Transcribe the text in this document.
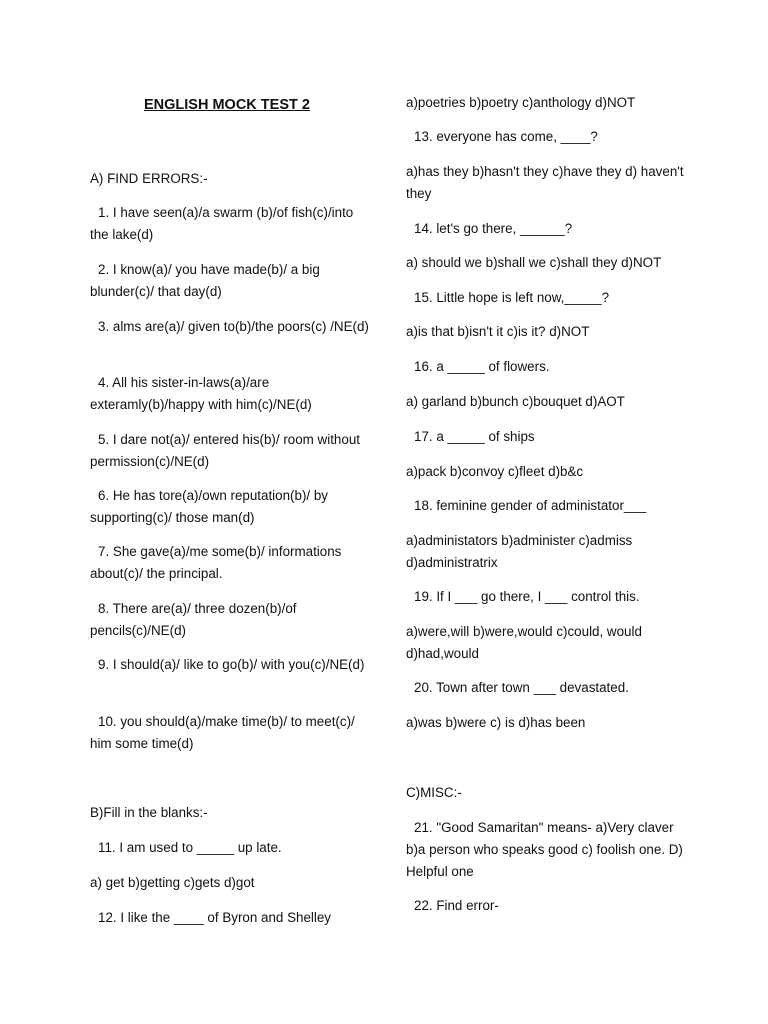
ENGLISH MOCK TEST 2

A) FIND ERRORS:-

1. I have seen(a)/a swarm (b)/of fish(c)/into the lake(d)

2. I know(a)/ you have made(b)/ a big blunder(c)/ that day(d)

3. alms are(a)/ given to(b)/the poors(c) /NE(d)

4. All his sister-in-laws(a)/are exteramly(b)/happy with him(c)/NE(d)

5. I dare not(a)/ entered his(b)/ room without permission(c)/NE(d)

6. He has tore(a)/own reputation(b)/ by supporting(c)/ those man(d)

7. She gave(a)/me some(b)/ informations about(c)/ the principal.

8. There are(a)/ three dozen(b)/of pencils(c)/NE(d)

9. I should(a)/ like to go(b)/ with you(c)/NE(d)

10. you should(a)/make time(b)/ to meet(c)/ him some time(d)

B)Fill in the blanks:-

11. I am used to _____ up late.

a) get b)getting c)gets d)got

12. I like the ____ of Byron and Shelley

a)poetries b)poetry c)anthology d)NOT

13. everyone has come, ____?

a)has they b)hasn't they c)have they d) haven't they

14. let's go there, ______?

a) should we b)shall we c)shall they d)NOT

15. Little hope is left now,_____?

a)is that b)isn't it c)is it? d)NOT

16. a _____ of flowers.

a) garland b)bunch c)bouquet d)AOT

17. a _____ of ships

a)pack b)convoy c)fleet d)b&c

18. feminine gender of administator___

a)administators b)administer c)admiss d)administratrix

19. If I ___ go there, I ___ control this.

a)were,will b)were,would c)could, would d)had,would

20. Town after town ___ devastated.

a)was b)were c) is d)has been

C)MISC:-

21. "Good Samaritan" means- a)Very claver b)a person who speaks good c) foolish one. D) Helpful one

22. Find error-
